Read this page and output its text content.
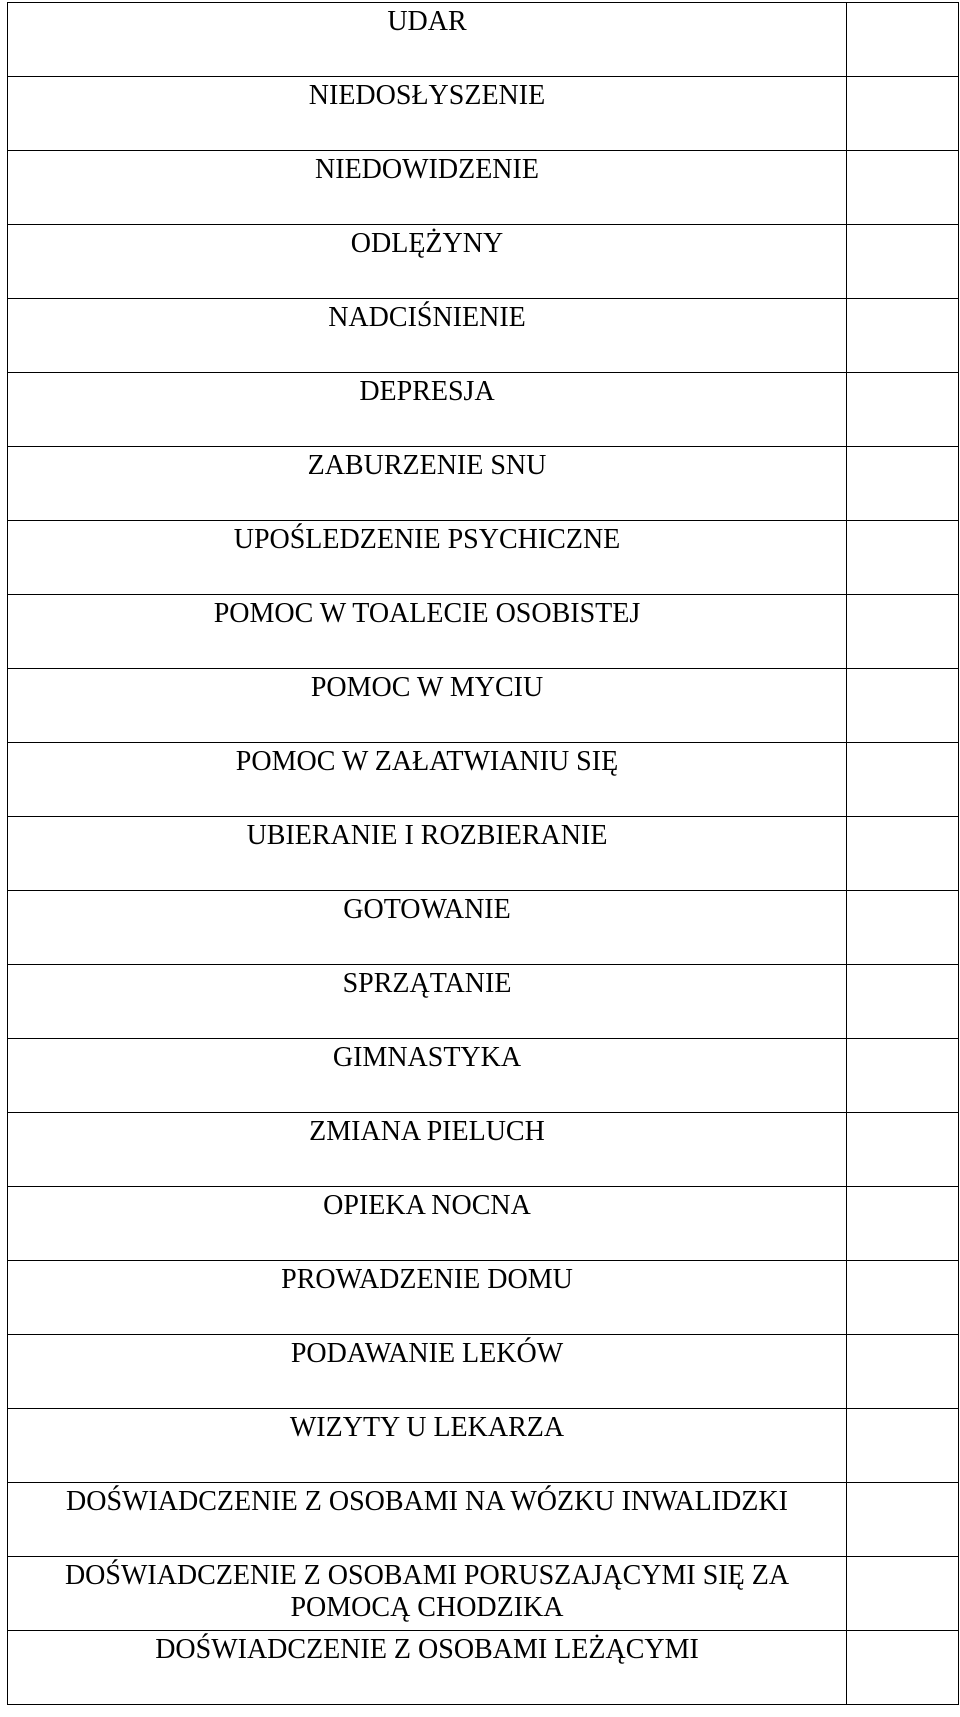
UDAR	
NIEDOSŁYSZENIE	
NIEDOWIDZENIE	
ODLĘŻYNY	
NADCIŚNIENIE	
DEPRESJA	
ZABURZENIE SNU	
UPOŚLEDZENIE PSYCHICZNE	
POMOC W TOALECIE OSOBISTEJ	
POMOC W MYCIU	
POMOC W ZAŁATWIANIU SIĘ	
UBIERANIE I ROZBIERANIE	
GOTOWANIE	
SPRZĄTANIE	
GIMNASTYKA	
ZMIANA PIELUCH	
OPIEKA NOCNA	
PROWADZENIE DOMU	
PODAWANIE LEKÓW	
WIZYTY U LEKARZA	
DOŚWIADCZENIE Z OSOBAMI NA WÓZKU INWALIDZKI	
DOŚWIADCZENIE Z OSOBAMI PORUSZAJĄCYMI SIĘ ZA POMOCĄ CHODZIKA	
DOŚWIADCZENIE Z OSOBAMI LEŻĄCYMI	
